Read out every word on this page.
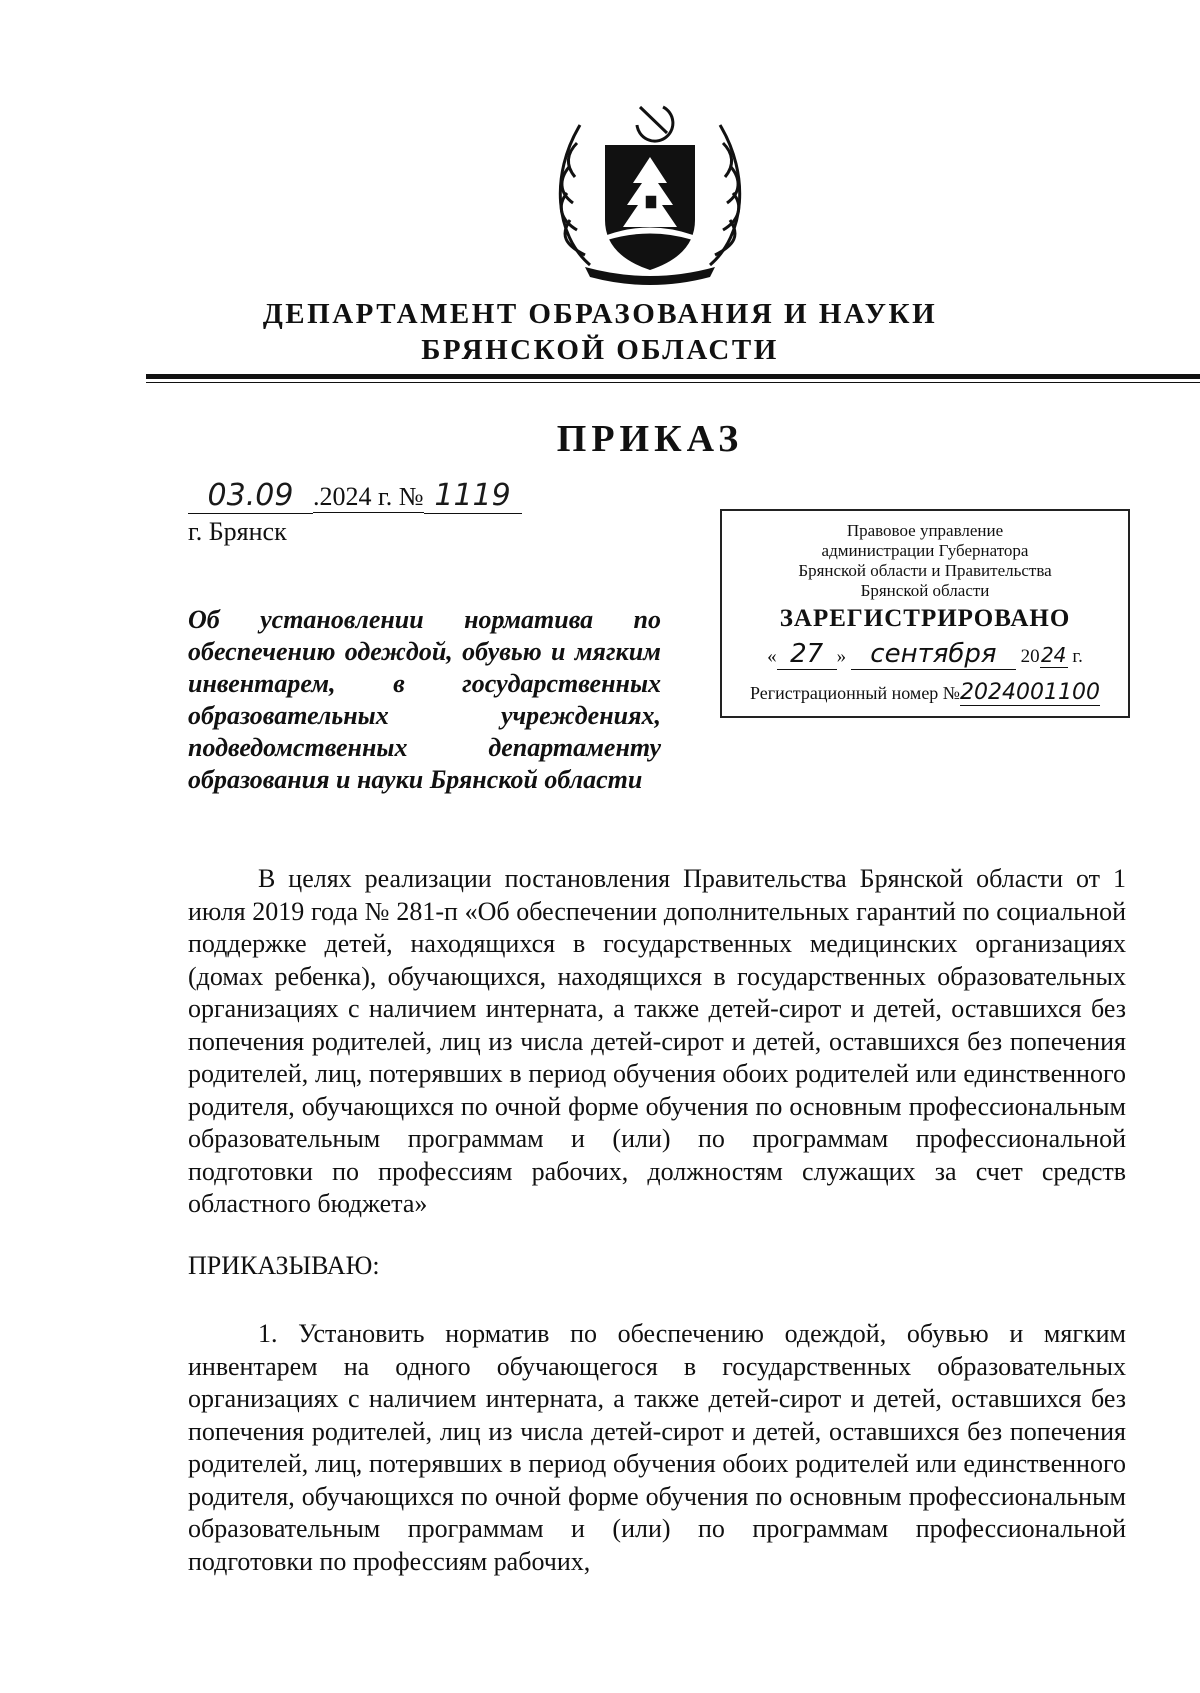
ДЕПАРТАМЕНТ ОБРАЗОВАНИЯ И НАУКИ
БРЯНСКОЙ ОБЛАСТИ
ПРИКАЗ
03.09 .2024 г. № 1119
г. Брянск	Правовое управление
администрации Губернатора
Брянской области и Правительства
Брянской области
ЗАРЕГИСТРИРОВАНО
« 27 » сентября 2024 г.
Регистрационный номер №2024001100
Об установлении норматива по обеспечению одеждой, обувью и мягким инвентарем, в государственных образовательных учреждениях, подведомственных департаменту образования и науки Брянской области
В целях реализации постановления Правительства Брянской области от 1 июля 2019 года № 281-п «Об обеспечении дополнительных гарантий по социальной поддержке детей, находящихся в государственных медицинских организациях (домах ребенка), обучающихся, находящихся в государственных образовательных организациях с наличием интерната, а также детей-сирот и детей, оставшихся без попечения родителей, лиц из числа детей-сирот и детей, оставшихся без попечения родителей, лиц, потерявших в период обучения обоих родителей или единственного родителя, обучающихся по очной форме обучения по основным профессиональным образовательным программам и (или) по программам профессиональной подготовки по профессиям рабочих, должностям служащих за счет средств областного бюджета»
ПРИКАЗЫВАЮ:
1. Установить норматив по обеспечению одеждой, обувью и мягким инвентарем на одного обучающегося в государственных образовательных организациях с наличием интерната, а также детей-сирот и детей, оставшихся без попечения родителей, лиц из числа детей-сирот и детей, оставшихся без попечения родителей, лиц, потерявших в период обучения обоих родителей или единственного родителя, обучающихся по очной форме обучения по основным профессиональным образовательным программам и (или) по программам профессиональной подготовки по профессиям рабочих,
